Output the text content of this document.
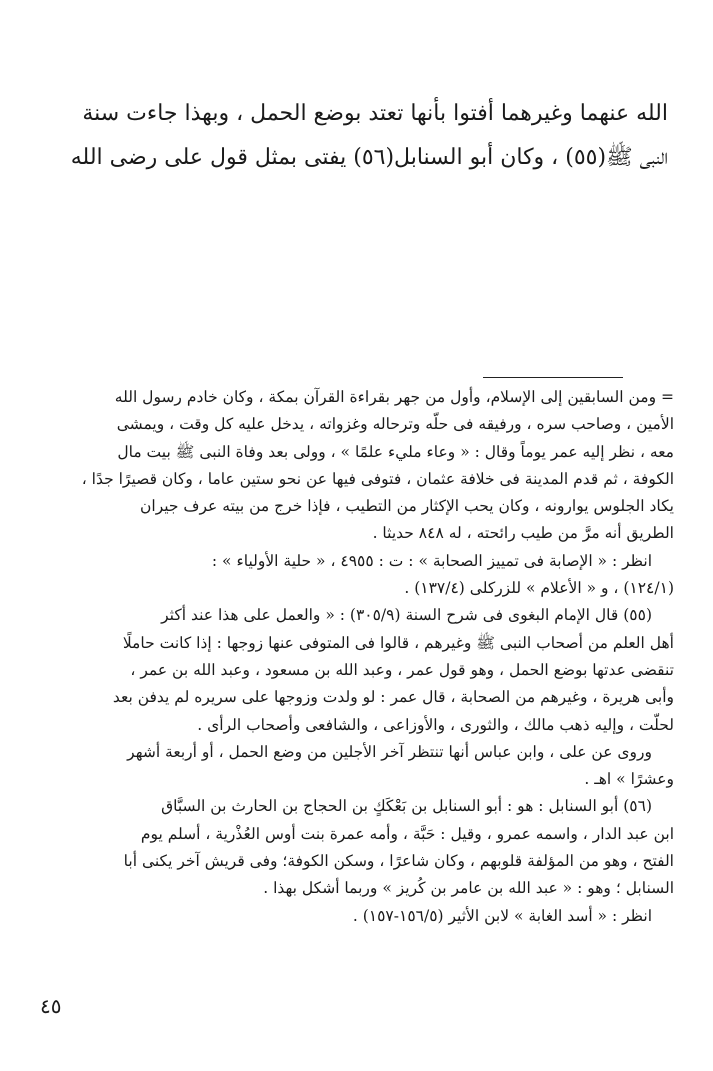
الله عنهما وغيرهما أفتوا بأنها تعتد بوضع الحمل ، وبهذا جاءت سنة
النبى ﷺ(٥٥) ، وكان أبو السنابل(٥٦) يفتى بمثل قول على رضى الله
= ومن السابقين إلى الإسلام، وأول من جهر بقراءة القرآن بمكة ، وكان خادم رسول الله
الأمين ، وصاحب سره ، ورفيقه فى حلّه وترحاله وغزواته ، يدخل عليه كل وقت ، ويمشى
معه ، نظر إليه عمر يوماً وقال : « وعاء مليء علمًا » ، وولى بعد وفاة النبى ﷺ بيت مال
الكوفة ، ثم قدم المدينة فى خلافة عثمان ، فتوفى فيها عن نحو ستين عاما ، وكان قصيرًا جدًا ،
يكاد الجلوس يوارونه ، وكان يحب الإكثار من التطيب ، فإذا خرج من بيته عرف جيران
الطريق أنه مرَّ من طيب رائحته ، له ٨٤٨ حديثا .
انظر : « الإصابة فى تمييز الصحابة » : ت : ٤٩٥٥ ، « حلية الأولياء » :
(١٢٤/١) ، و « الأعلام » للزركلى (١٣٧/٤) .
(٥٥) قال الإمام البغوى فى شرح السنة (٣٠٥/٩) : « والعمل على هذا عند أكثر
أهل العلم من أصحاب النبى ﷺ وغيرهم ، قالوا فى المتوفى عنها زوجها : إذا كانت حاملًا
تنقضى عدتها بوضع الحمل ، وهو قول عمر ، وعبد الله بن مسعود ، وعبد الله بن عمر ،
وأبى هريرة ، وغيرهم من الصحابة ، قال عمر : لو ولدت وزوجها على سريره لم يدفن بعد
لحلّت ، وإليه ذهب مالك ، والثورى ، والأوزاعى ، والشافعى وأصحاب الرأى .
وروى عن على ، وابن عباس أنها تنتظر آخر الأجلين من وضع الحمل ، أو أربعة أشهر
وعشرًا » اهـ .
(٥٦) أبو السنابل : هو : أبو السنابل بن بَعْكَكٍ بن الحجاج بن الحارث بن السبَّاق
ابن عبد الدار ، واسمه عمرو ، وقيل : حَبَّة ، وأمه عمرة بنت أوس العُذْرية ، أسلم يوم
الفتح ، وهو من المؤلفة قلوبهم ، وكان شاعرًا ، وسكن الكوفة؛ وفى قريش آخر يكنى أبا
السنابل ؛ وهو : « عبد الله بن عامر بن كُريز » وربما أشكل بهذا .
انظر : « أسد الغابة » لابن الأثير (١٥٦/٥-١٥٧) .
٤٥
